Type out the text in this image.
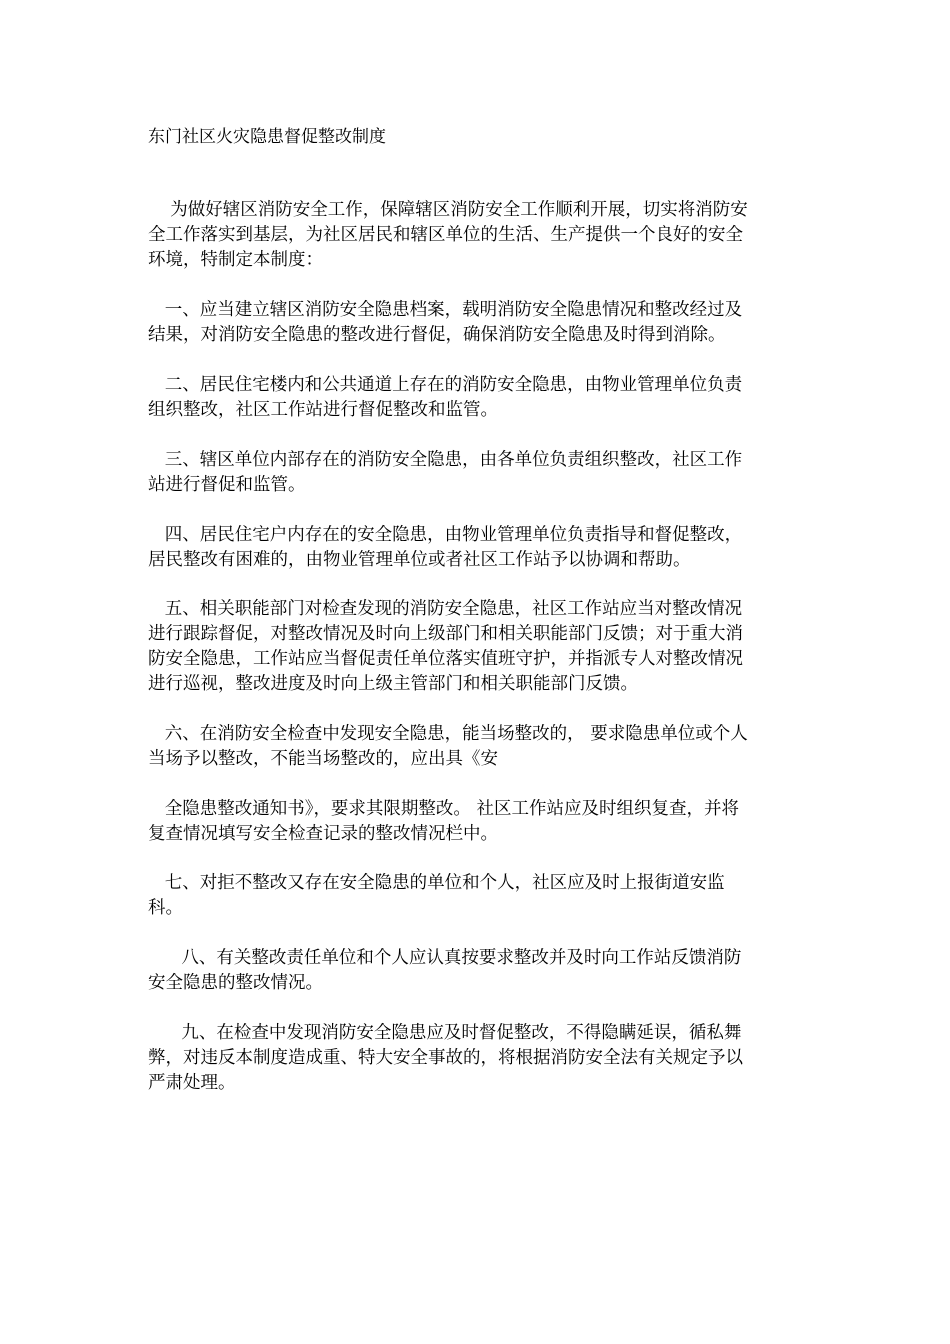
东门社区火灾隐患督促整改制度
为做好辖区消防安全工作，保障辖区消防安全工作顺利开展，切实将消防安
全工作落实到基层，为社区居民和辖区单位的生活、生产提供一个良好的安全
环境，特制定本制度：
一、应当建立辖区消防安全隐患档案，载明消防安全隐患情况和整改经过及
结果，对消防安全隐患的整改进行督促，确保消防安全隐患及时得到消除。
二、居民住宅楼内和公共通道上存在的消防安全隐患，由物业管理单位负责
组织整改，社区工作站进行督促整改和监管。
三、辖区单位内部存在的消防安全隐患，由各单位负责组织整改，社区工作
站进行督促和监管。
四、居民住宅户内存在的安全隐患，由物业管理单位负责指导和督促整改，
居民整改有困难的，由物业管理单位或者社区工作站予以协调和帮助。
五、相关职能部门对检查发现的消防安全隐患，社区工作站应当对整改情况
进行跟踪督促，对整改情况及时向上级部门和相关职能部门反馈；对于重大消
防安全隐患，工作站应当督促责任单位落实值班守护，并指派专人对整改情况
进行巡视，整改进度及时向上级主管部门和相关职能部门反馈。
六、在消防安全检查中发现安全隐患，能当场整改的， 要求隐患单位或个人
当场予以整改，不能当场整改的，应出具《安
全隐患整改通知书》，要求其限期整改。 社区工作站应及时组织复查，并将
复查情况填写安全检查记录的整改情况栏中。
七、对拒不整改又存在安全隐患的单位和个人，社区应及时上报街道安监
科。
八、有关整改责任单位和个人应认真按要求整改并及时向工作站反馈消防
安全隐患的整改情况。
九、在检查中发现消防安全隐患应及时督促整改，不得隐瞒延误，循私舞
弊，对违反本制度造成重、特大安全事故的，将根据消防安全法有关规定予以
严肃处理。
